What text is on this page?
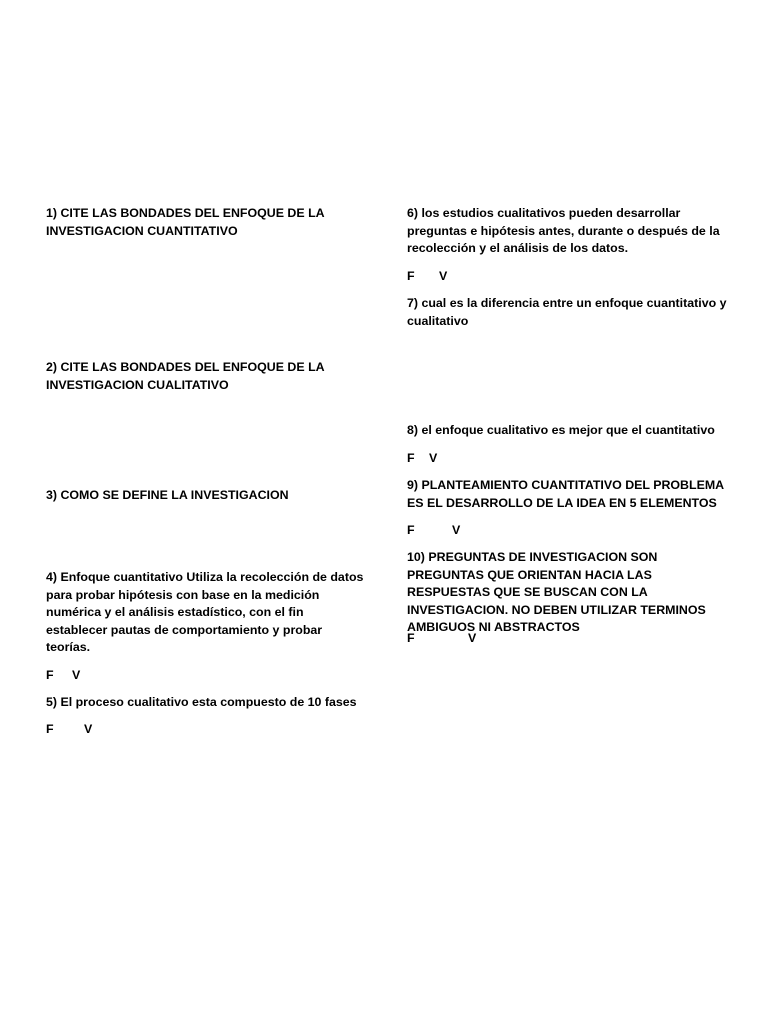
1) CITE LAS BONDADES DEL ENFOQUE DE LA INVESTIGACION CUANTITATIVO

2) CITE LAS BONDADES DEL ENFOQUE DE LA INVESTIGACION CUALITATIVO

3) COMO SE DEFINE LA INVESTIGACION

4) Enfoque cuantitativo Utiliza la recolección de datos para probar hipótesis con base en la medición numérica y el análisis estadístico, con el fin establecer pautas de comportamiento y probar teorías.

F V

5) El proceso cualitativo esta compuesto de 10 fases

F V

6) los estudios cualitativos pueden desarrollar preguntas e hipótesis antes, durante o después de la recolección y el análisis de los datos.

F V

7) cual es la diferencia entre un enfoque cuantitativo y cualitativo

8) el enfoque cualitativo es mejor que el cuantitativo

F V

9) PLANTEAMIENTO CUANTITATIVO DEL PROBLEMA ES EL DESARROLLO DE LA IDEA EN 5 ELEMENTOS

F	V

10) PREGUNTAS DE INVESTIGACION SON PREGUNTAS QUE ORIENTAN HACIA LAS RESPUESTAS QUE SE BUSCAN CON LA INVESTIGACION. NO DEBEN UTILIZAR TERMINOS AMBIGUOS NI ABSTRACTOS

F	V
